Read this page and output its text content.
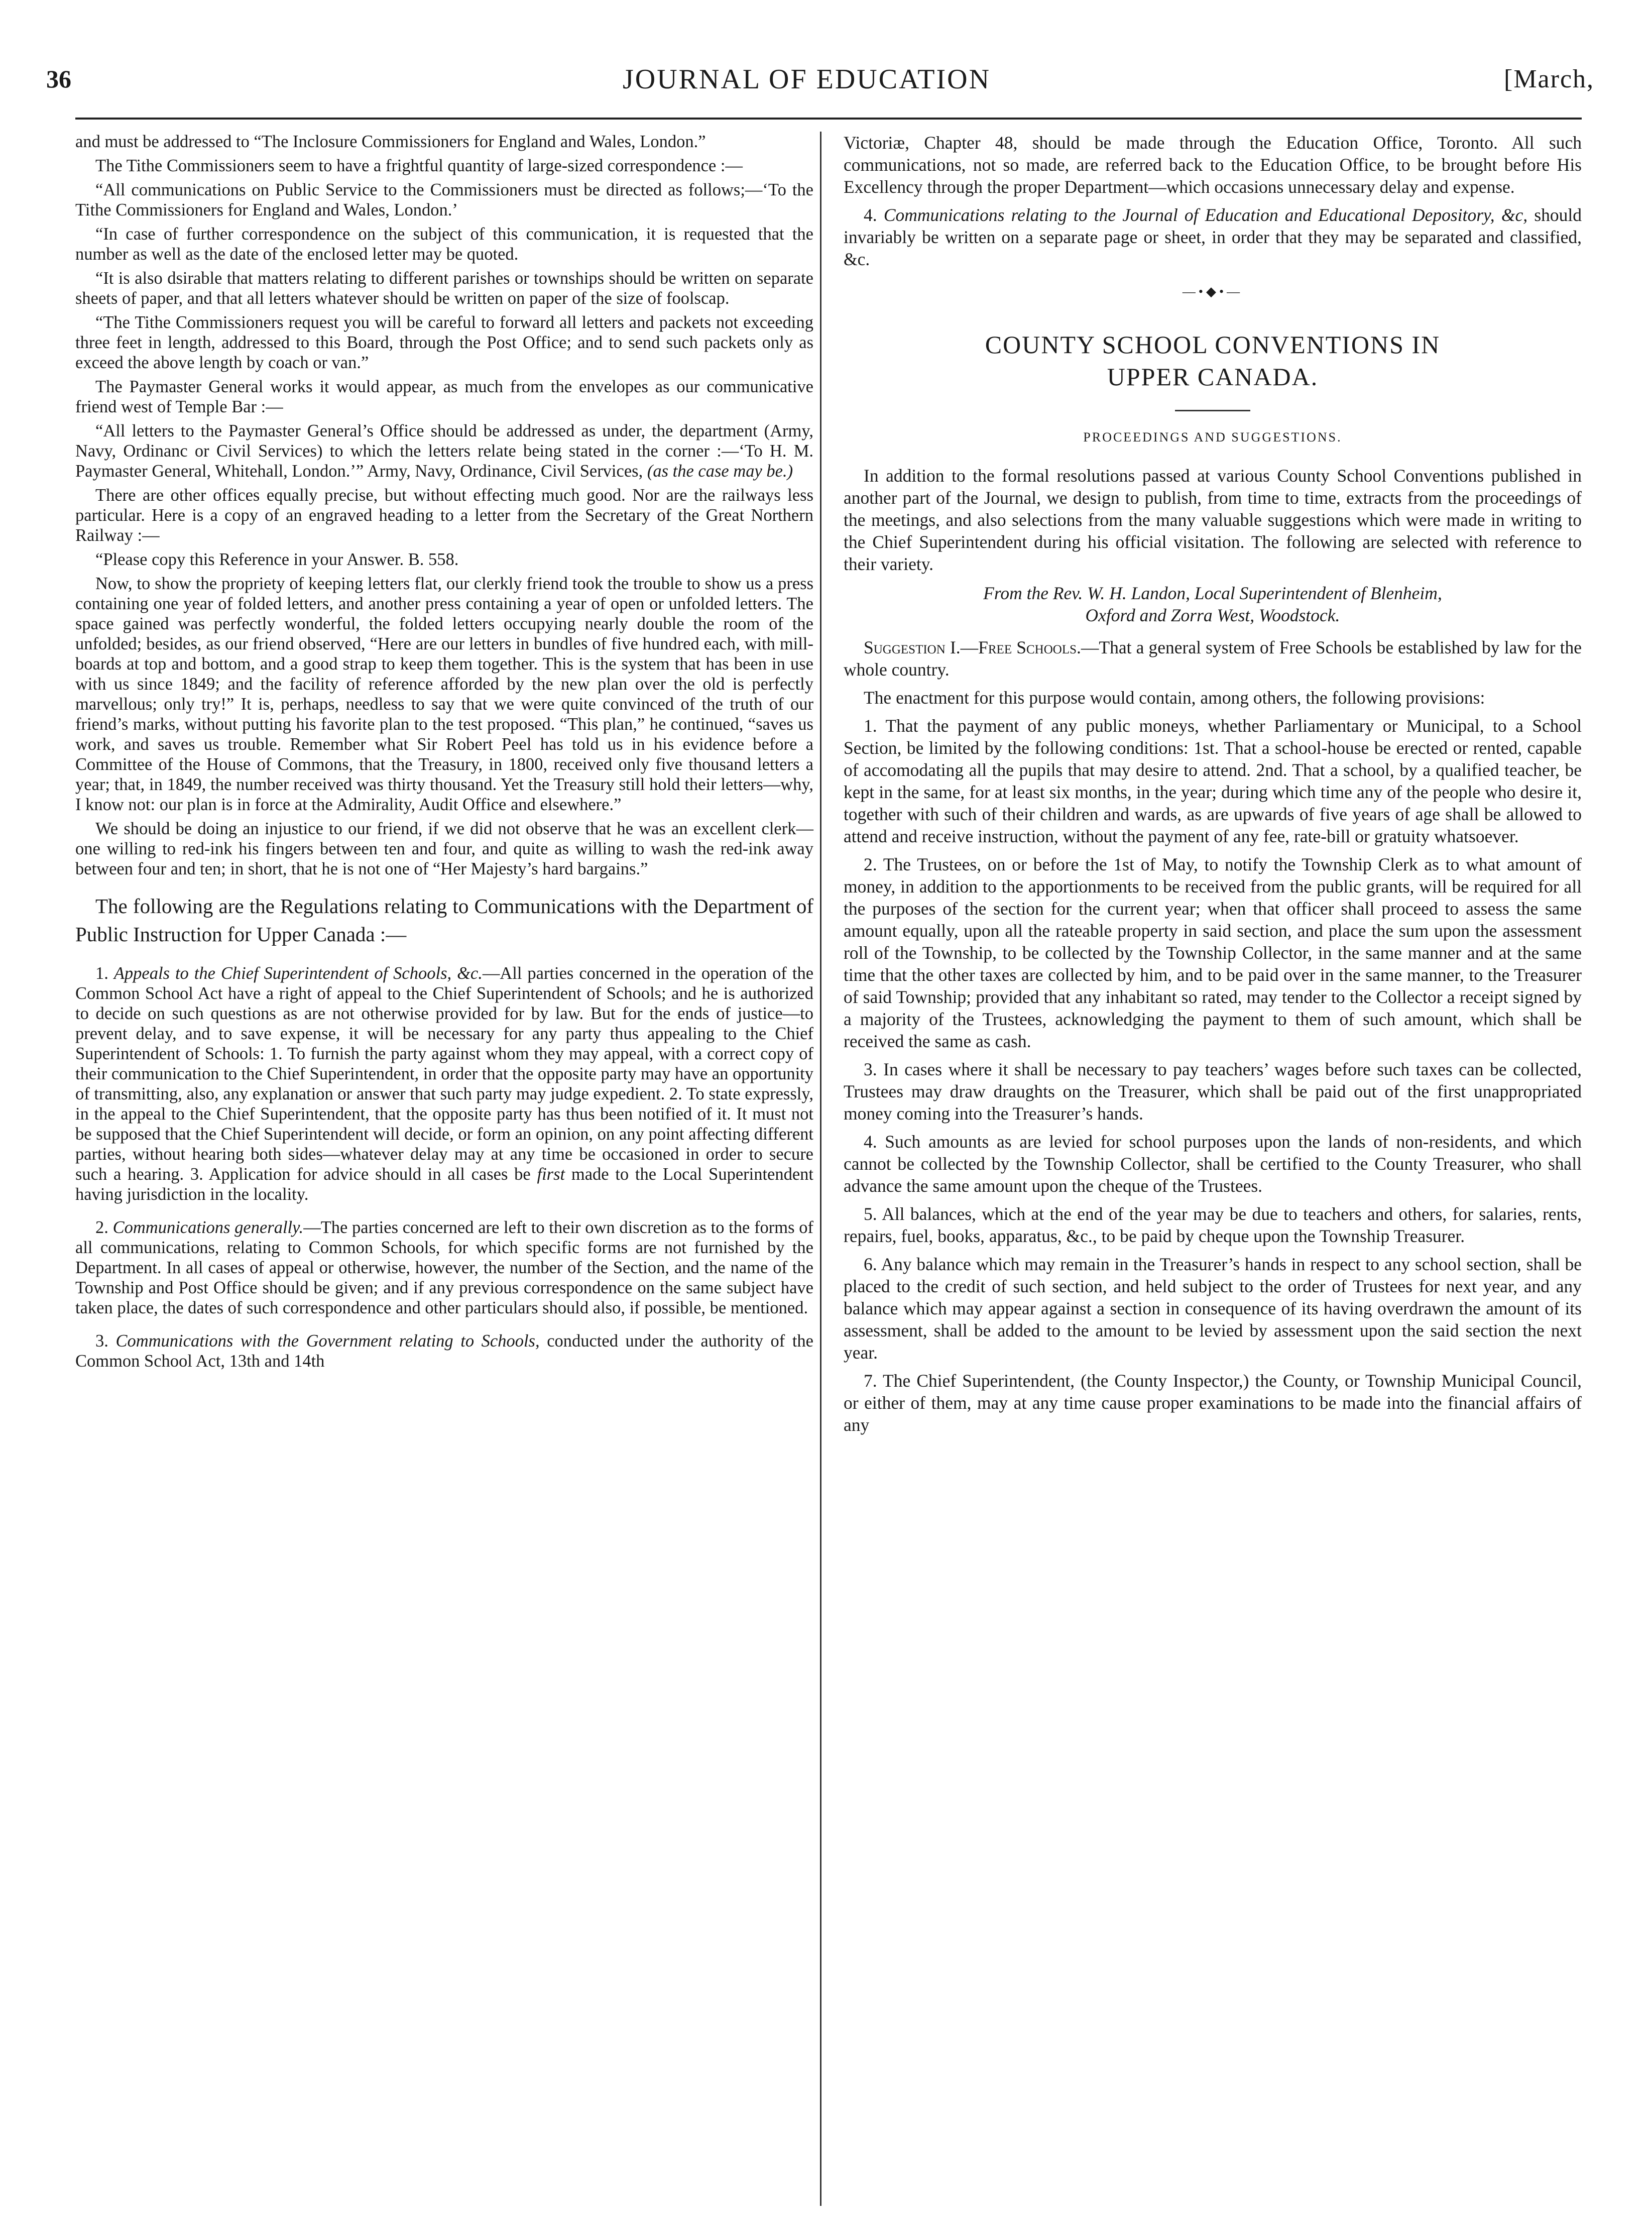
36	JOURNAL OF EDUCATION	[March,

and must be addressed to “The Inclosure Commissioners for England and Wales, London.”

The Tithe Commissioners seem to have a frightful quantity of large-sized correspondence :—

“All communications on Public Service to the Commissioners must be directed as follows;—‘To the Tithe Commissioners for England and Wales, London.’

“In case of further correspondence on the subject of this communication, it is requested that the number as well as the date of the enclosed letter may be quoted.

“It is also dsirable that matters relating to different parishes or townships should be written on separate sheets of paper, and that all letters whatever should be written on paper of the size of foolscap.

“The Tithe Commissioners request you will be careful to forward all letters and packets not exceeding three feet in length, addressed to this Board, through the Post Office; and to send such packets only as exceed the above length by coach or van.”

The Paymaster General works it would appear, as much from the envelopes as our communicative friend west of Temple Bar :—

“All letters to the Paymaster General’s Office should be addressed as under, the department (Army, Navy, Ordinanc or Civil Services) to which the letters relate being stated in the corner :—‘To H. M. Paymaster General, Whitehall, London.’” Army, Navy, Ordinance, Civil Services, (as the case may be.)

There are other offices equally precise, but without effecting much good. Nor are the railways less particular. Here is a copy of an engraved heading to a letter from the Secretary of the Great Northern Railway :—

“Please copy this Reference in your Answer. B. 558.

Now, to show the propriety of keeping letters flat, our clerkly friend took the trouble to show us a press containing one year of folded letters, and another press containing a year of open or unfolded letters. The space gained was perfectly wonderful, the folded letters occupying nearly double the room of the unfolded; besides, as our friend observed, “Here are our letters in bundles of five hundred each, with mill-boards at top and bottom, and a good strap to keep them together. This is the system that has been in use with us since 1849; and the facility of reference afforded by the new plan over the old is perfectly marvellous; only try!” It is, perhaps, needless to say that we were quite convinced of the truth of our friend’s marks, without putting his favorite plan to the test proposed. “This plan,” he continued, “saves us work, and saves us trouble. Remember what Sir Robert Peel has told us in his evidence before a Committee of the House of Commons, that the Treasury, in 1800, received only five thousand letters a year; that, in 1849, the number received was thirty thousand. Yet the Treasury still hold their letters—why, I know not: our plan is in force at the Admirality, Audit Office and elsewhere.”

We should be doing an injustice to our friend, if we did not observe that he was an excellent clerk—one willing to red-ink his fingers between ten and four, and quite as willing to wash the red-ink away between four and ten; in short, that he is not one of “Her Majesty’s hard bargains.”

The following are the Regulations relating to Communications with the Department of Public Instruction for Upper Canada :—

1. Appeals to the Chief Superintendent of Schools, &c.—All parties concerned in the operation of the Common School Act have a right of appeal to the Chief Superintendent of Schools; and he is authorized to decide on such questions as are not otherwise provided for by law. But for the ends of justice—to prevent delay, and to save expense, it will be necessary for any party thus appealing to the Chief Superintendent of Schools: 1. To furnish the party against whom they may appeal, with a correct copy of their communication to the Chief Superintendent, in order that the opposite party may have an opportunity of transmitting, also, any explanation or answer that such party may judge expedient. 2. To state expressly, in the appeal to the Chief Superintendent, that the opposite party has thus been notified of it. It must not be supposed that the Chief Superintendent will decide, or form an opinion, on any point affecting different parties, without hearing both sides—whatever delay may at any time be occasioned in order to secure such a hearing. 3. Application for advice should in all cases be first made to the Local Superintendent having jurisdiction in the locality.

2. Communications generally.—The parties concerned are left to their own discretion as to the forms of all communications, relating to Common Schools, for which specific forms are not furnished by the Department. In all cases of appeal or otherwise, however, the number of the Section, and the name of the Township and Post Office should be given; and if any previous correspondence on the same subject have taken place, the dates of such correspondence and other particulars should also, if possible, be mentioned.

3. Communications with the Government relating to Schools, conducted under the authority of the Common School Act, 13th and 14th

Victoriæ, Chapter 48, should be made through the Education Office, Toronto. All such communications, not so made, are referred back to the Education Office, to be brought before His Excellency through the proper Department—which occasions unnecessary delay and expense.

4. Communications relating to the Journal of Education and Educational Depository, &c, should invariably be written on a separate page or sheet, in order that they may be separated and classified, &c.

—•◆•—
COUNTY SCHOOL CONVENTIONS IN
UPPER CANADA.
PROCEEDINGS AND SUGGESTIONS.

In addition to the formal resolutions passed at various County School Conventions published in another part of the Journal, we design to publish, from time to time, extracts from the proceedings of the meetings, and also selections from the many valuable suggestions which were made in writing to the Chief Superintendent during his official visitation. The following are selected with reference to their variety.

From the Rev. W. H. Landon, Local Superintendent of Blenheim,
Oxford and Zorra West, Woodstock.

Suggestion I.—Free Schools.—That a general system of Free Schools be established by law for the whole country.

The enactment for this purpose would contain, among others, the following provisions:

1. That the payment of any public moneys, whether Parliamentary or Municipal, to a School Section, be limited by the following conditions: 1st. That a school-house be erected or rented, capable of accomodating all the pupils that may desire to attend. 2nd. That a school, by a qualified teacher, be kept in the same, for at least six months, in the year; during which time any of the people who desire it, together with such of their children and wards, as are upwards of five years of age shall be allowed to attend and receive instruction, without the payment of any fee, rate-bill or gratuity whatsoever.

2. The Trustees, on or before the 1st of May, to notify the Township Clerk as to what amount of money, in addition to the apportionments to be received from the public grants, will be required for all the purposes of the section for the current year; when that officer shall proceed to assess the same amount equally, upon all the rateable property in said section, and place the sum upon the assessment roll of the Township, to be collected by the Township Collector, in the same manner and at the same time that the other taxes are collected by him, and to be paid over in the same manner, to the Treasurer of said Township; provided that any inhabitant so rated, may tender to the Collector a receipt signed by a majority of the Trustees, acknowledging the payment to them of such amount, which shall be received the same as cash.

3. In cases where it shall be necessary to pay teachers’ wages before such taxes can be collected, Trustees may draw draughts on the Treasurer, which shall be paid out of the first unappropriated money coming into the Treasurer’s hands.

4. Such amounts as are levied for school purposes upon the lands of non-residents, and which cannot be collected by the Township Collector, shall be certified to the County Treasurer, who shall advance the same amount upon the cheque of the Trustees.

5. All balances, which at the end of the year may be due to teachers and others, for salaries, rents, repairs, fuel, books, apparatus, &c., to be paid by cheque upon the Township Treasurer.

6. Any balance which may remain in the Treasurer’s hands in respect to any school section, shall be placed to the credit of such section, and held subject to the order of Trustees for next year, and any balance which may appear against a section in consequence of its having overdrawn the amount of its assessment, shall be added to the amount to be levied by assessment upon the said section the next year.

7. The Chief Superintendent, (the County Inspector,) the County, or Township Municipal Council, or either of them, may at any time cause proper examinations to be made into the financial affairs of any
